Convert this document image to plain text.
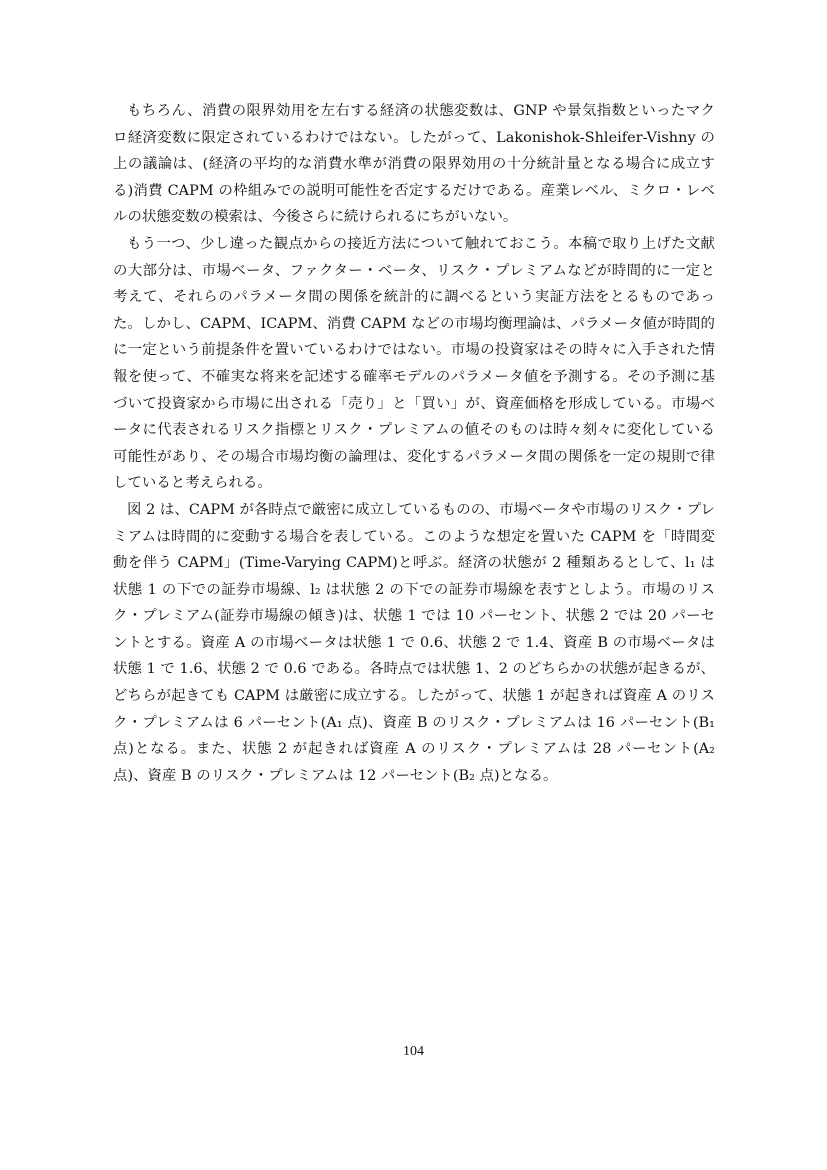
もちろん、消費の限界効用を左右する経済の状態変数は、GNP や景気指数といったマクロ経済変数に限定されているわけではない。したがって、Lakonishok-Shleifer-Vishny の上の議論は、(経済の平均的な消費水準が消費の限界効用の十分統計量となる場合に成立する)消費 CAPM の枠組みでの説明可能性を否定するだけである。産業レベル、ミクロ・レベルの状態変数の模索は、今後さらに続けられるにちがいない。

もう一つ、少し違った観点からの接近方法について触れておこう。本稿で取り上げた文献の大部分は、市場ベータ、ファクター・ベータ、リスク・プレミアムなどが時間的に一定と考えて、それらのパラメータ間の関係を統計的に調べるという実証方法をとるものであった。しかし、CAPM、ICAPM、消費 CAPM などの市場均衡理論は、パラメータ値が時間的に一定という前提条件を置いているわけではない。市場の投資家はその時々に入手された情報を使って、不確実な将来を記述する確率モデルのパラメータ値を予測する。その予測に基づいて投資家から市場に出される「売り」と「買い」が、資産価格を形成している。市場ベータに代表されるリスク指標とリスク・プレミアムの値そのものは時々刻々に変化している可能性があり、その場合市場均衡の論理は、変化するパラメータ間の関係を一定の規則で律していると考えられる。

図 2 は、CAPM が各時点で厳密に成立しているものの、市場ベータや市場のリスク・プレミアムは時間的に変動する場合を表している。このような想定を置いた CAPM を「時間変動を伴う CAPM」(Time-Varying CAPM)と呼ぶ。経済の状態が 2 種類あるとして、l₁ は状態 1 の下での証券市場線、l₂ は状態 2 の下での証券市場線を表すとしよう。市場のリスク・プレミアム(証券市場線の傾き)は、状態 1 では 10 パーセント、状態 2 では 20 パーセントとする。資産 A の市場ベータは状態 1 で 0.6、状態 2 で 1.4、資産 B の市場ベータは状態 1 で 1.6、状態 2 で 0.6 である。各時点では状態 1、2 のどちらかの状態が起きるが、どちらが起きても CAPM は厳密に成立する。したがって、状態 1 が起きれば資産 A のリスク・プレミアムは 6 パーセント(A₁ 点)、資産 B のリスク・プレミアムは 16 パーセント(B₁ 点)となる。また、状態 2 が起きれば資産 A のリスク・プレミアムは 28 パーセント(A₂ 点)、資産 B のリスク・プレミアムは 12 パーセント(B₂ 点)となる。

104
